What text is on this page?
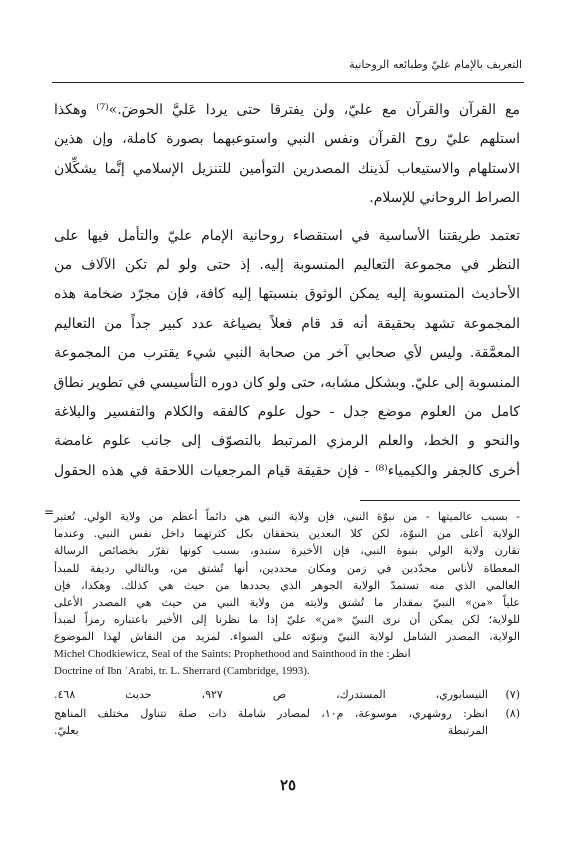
التعريف بالإمام عليّ وطبائعه الروحانية
مع القرآن والقرآن مع عليّ، ولن يفترقا حتى يردا عَليَّ الحوضَ.»⁽⁷⁾ وهكذا
استلهم عليّ روح القرآن ونفس النبي واستوعبهما بصورة كاملة، وإن هذين
الاستلهام والاستيعاب لَذينك المصدرين التوأمين للتنزيل الإسلامي إنَّما يشكِّلان
الصراط الروحاني للإسلام.
تعتمد طريقتنا الأساسية في استقصاء روحانية الإمام عليّ والتأمل فيها على
النظر في مجموعة التعاليم المنسوبة إليه. إذ حتى ولو لم تكن الآلاف من
الأحاديث المنسوبة إليه يمكن الوثوق بنسبتها إليه كافة، فإن مجرّد ضخامة هذه
المجموعة تشهد بحقيقة أنه قد قام فعلاً بصياغة عدد كبير جداً من التعاليم
المعمَّقة. وليس لأي صحابي آخر من صحابة النبي شيء يقترب من المجموعة
المنسوبة إلى عليّ. وبشكل مشابه، حتى ولو كان دوره التأسيسي في تطوير نطاق
كامل من العلوم موضع جدل - حول علوم كالفقه والكلام والتفسير والبلاغة
والنحو و الخط، والعلم الرمزي المرتبط بالتصوّف إلى جانب علوم غامضة
أخرى كالجفر والكيمياء⁽⁸⁾ - فإن حقيقة قيام المرجعيات اللاحقة في هذه الحقول
= - بسبب عالميتها - من نبوّة النبي، فإن ولاية النبي هي دائماً أعظم من ولاية الولي. تُعتبر
الولاية أعلى من النبوّة، لكن كلا البعدين يتحققان بكل كثرتهما داخل نفس النبي. وعندما
تقارن ولاية الولي بنبوة النبي، فإن الأخيرة ستبدو، بسبب كونها تقرّر بخصائص الرسالة
المعطاة لأناس محدّدين في زمن ومكان محددين، أنها تُشتق من، وبالتالي رديفة للمبدأ
العالمي الذي منه تستمدّ الولاية الجوهر الذي يحددها من حيث هي كذلك. وهكذا، فإن
علياً «من» النبيّ بمقدار ما تُشتق ولايته من ولاية النبي من حيث هي المصدر الأعلى
للولاية؛ لكن يمكن أن نرى النبيّ «من» عليّ إذا ما نظرنا إلى الأخير باعتباره رمزاً لمبدأ
الولاية، المصدر الشامل لولاية النبيّ ونبوّته على السواء. لمزيد من النقاش لهذا الموضوع
Michel Chodkiewicz, Seal of the Saints: Prophethood and Sainthood in the انظر:
Doctrine of Ibn ʿArabi, tr. L. Sherrard (Cambridge, 1993).
(٧)
النيسابوري، المستدرك، ص ٩٢٧، حديث ٤٦٨.
(٨)
انظر: روشهري، موسوعة، م١٠، لمصادر شاملة ذات صلة تتناول مختلف المناهج
المرتبطة بعليّ.
٢٥
